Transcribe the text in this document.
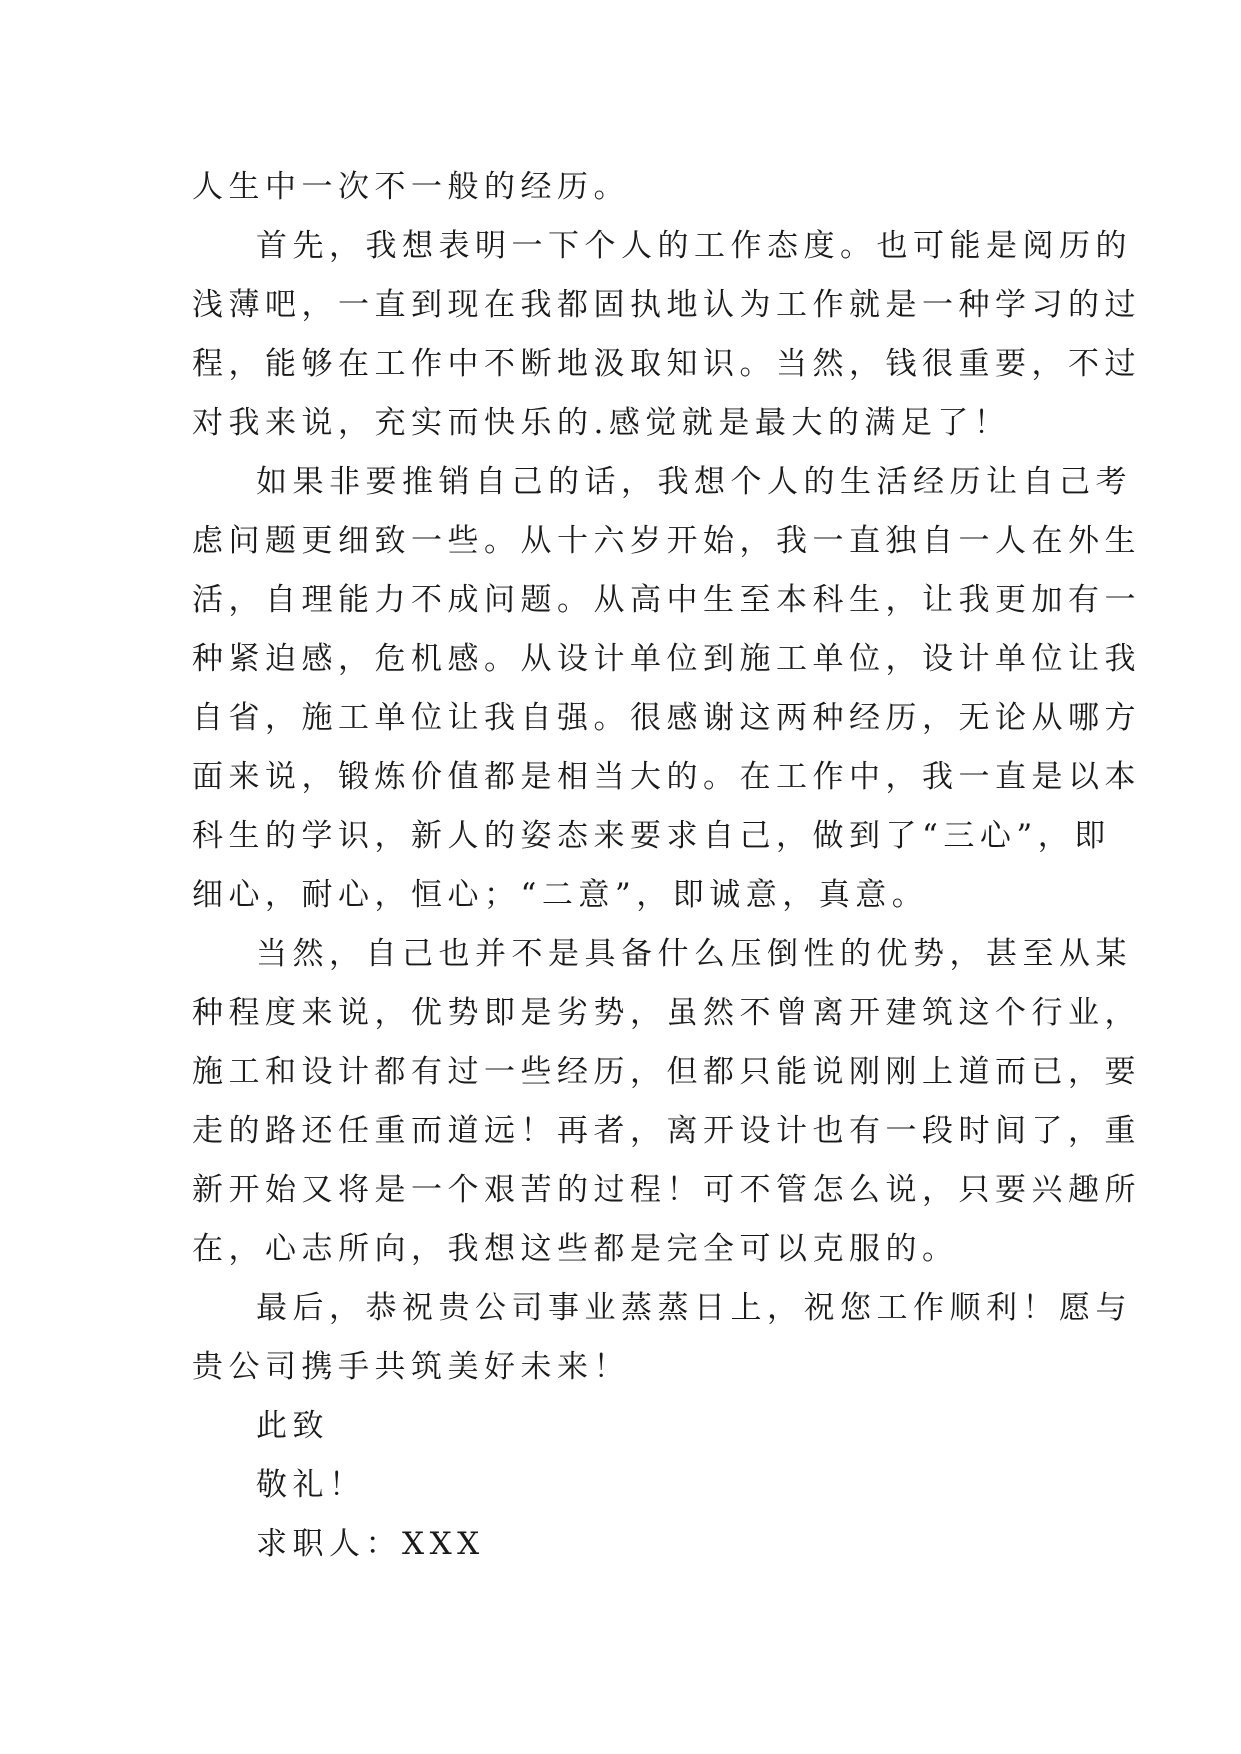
人生中一次不一般的经历。
首先，我想表明一下个人的工作态度。也可能是阅历的
浅薄吧，一直到现在我都固执地认为工作就是一种学习的过
程，能够在工作中不断地汲取知识。当然，钱很重要，不过
对我来说，充实而快乐的.感觉就是最大的满足了！
如果非要推销自己的话，我想个人的生活经历让自己考
虑问题更细致一些。从十六岁开始，我一直独自一人在外生
活，自理能力不成问题。从高中生至本科生，让我更加有一
种紧迫感，危机感。从设计单位到施工单位，设计单位让我
自省，施工单位让我自强。很感谢这两种经历，无论从哪方
面来说，锻炼价值都是相当大的。在工作中，我一直是以本
科生的学识，新人的姿态来要求自己，做到了“三心”，即
细心，耐心，恒心；“二意”，即诚意，真意。
当然，自己也并不是具备什么压倒性的优势，甚至从某
种程度来说，优势即是劣势，虽然不曾离开建筑这个行业，
施工和设计都有过一些经历，但都只能说刚刚上道而已，要
走的路还任重而道远！再者，离开设计也有一段时间了，重
新开始又将是一个艰苦的过程！可不管怎么说，只要兴趣所
在，心志所向，我想这些都是完全可以克服的。
最后，恭祝贵公司事业蒸蒸日上，祝您工作顺利！愿与
贵公司携手共筑美好未来！
此致
敬礼！
求职人：XXX
